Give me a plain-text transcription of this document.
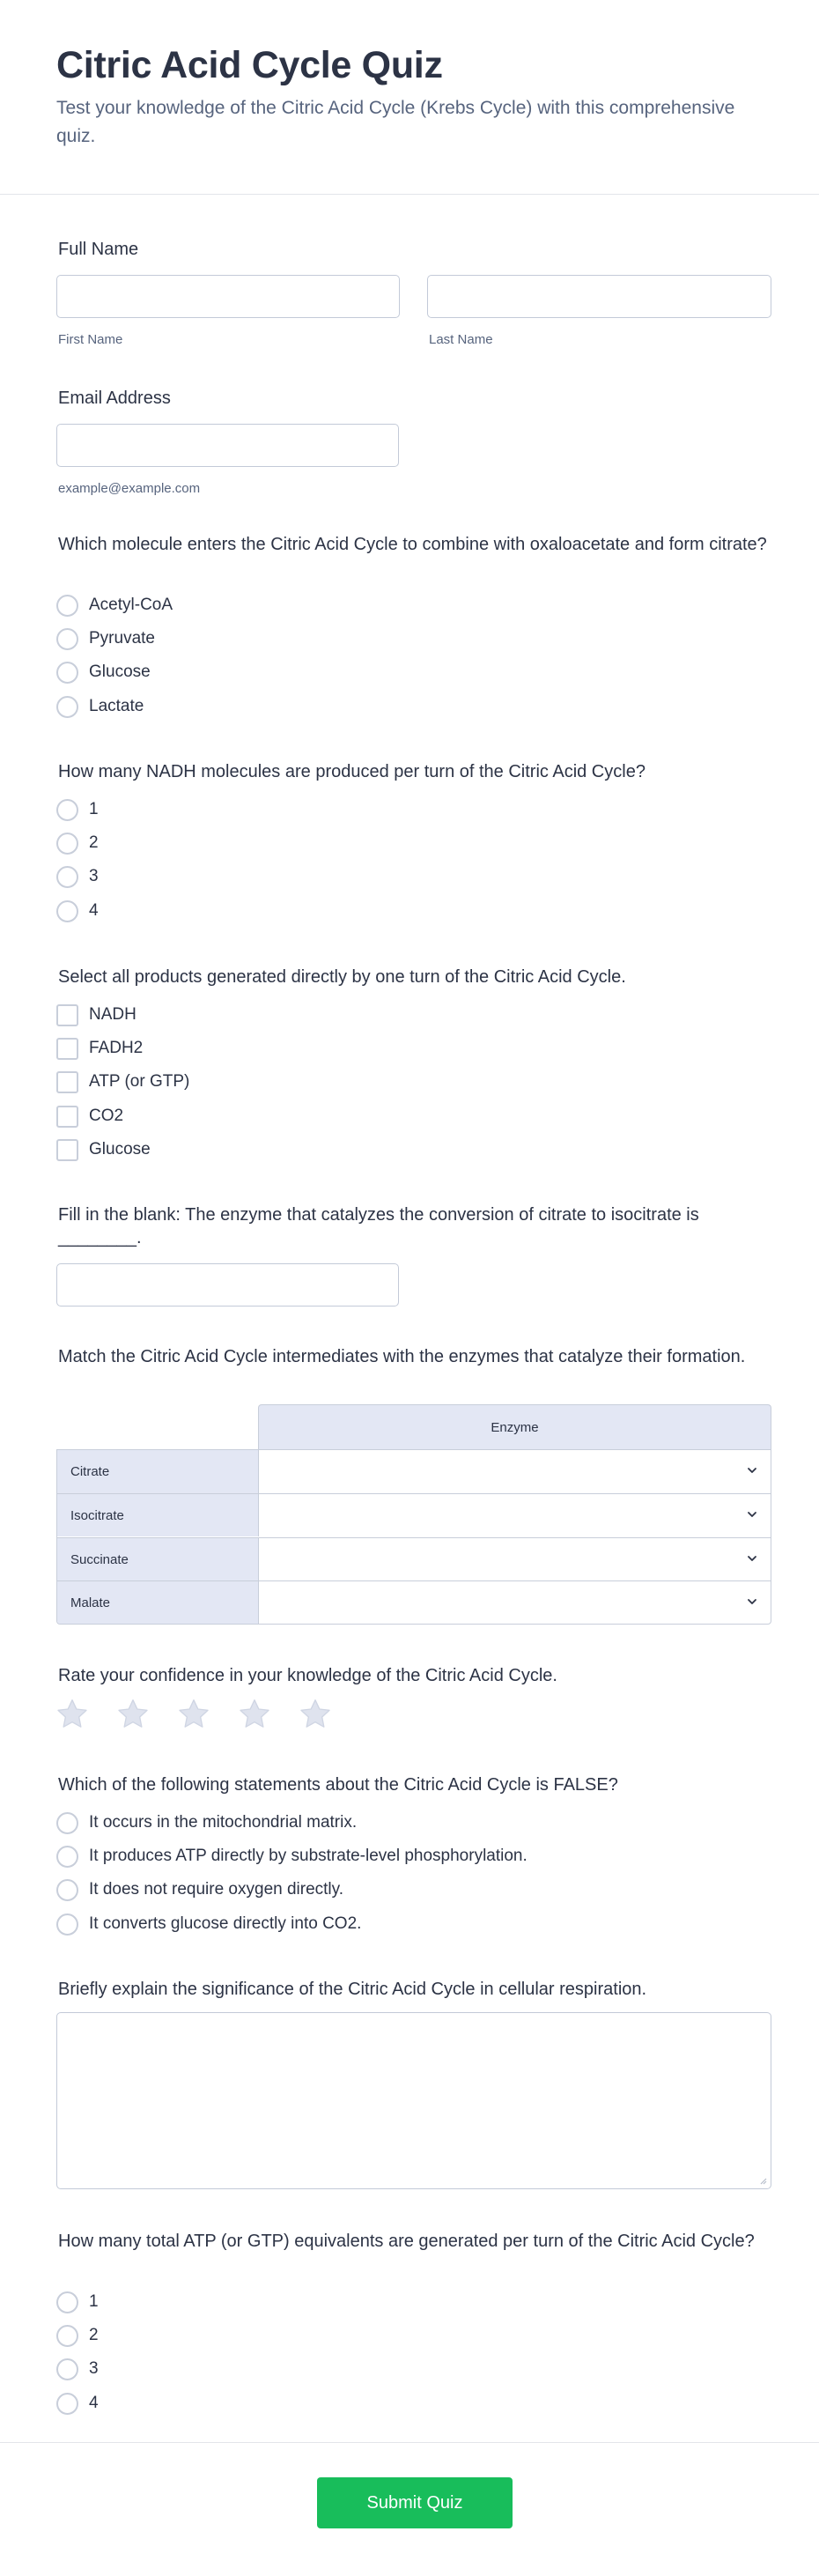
Citric Acid Cycle Quiz

Test your knowledge of the Citric Acid Cycle (Krebs Cycle) with this comprehensive quiz.

Full Name
First Name	Last Name
Email Address
example@example.com
Which molecule enters the Citric Acid Cycle to combine with oxaloacetate and form citrate?
Acetyl-CoA
Pyruvate
Glucose
Lactate
How many NADH molecules are produced per turn of the Citric Acid Cycle?
1
2
3
4
Select all products generated directly by one turn of the Citric Acid Cycle.
NADH
FADH2
ATP (or GTP)
CO2
Glucose
Fill in the blank: The enzyme that catalyzes the conversion of citrate to isocitrate is ________.
Match the Citric Acid Cycle intermediates with the enzymes that catalyze their formation.
Enzyme
Citrate
Isocitrate
Succinate
Malate
Rate your confidence in your knowledge of the Citric Acid Cycle.
Which of the following statements about the Citric Acid Cycle is FALSE?
It occurs in the mitochondrial matrix.
It produces ATP directly by substrate-level phosphorylation.
It does not require oxygen directly.
It converts glucose directly into CO2.
Briefly explain the significance of the Citric Acid Cycle in cellular respiration.
How many total ATP (or GTP) equivalents are generated per turn of the Citric Acid Cycle?
1
2
3
4
Submit Quiz
